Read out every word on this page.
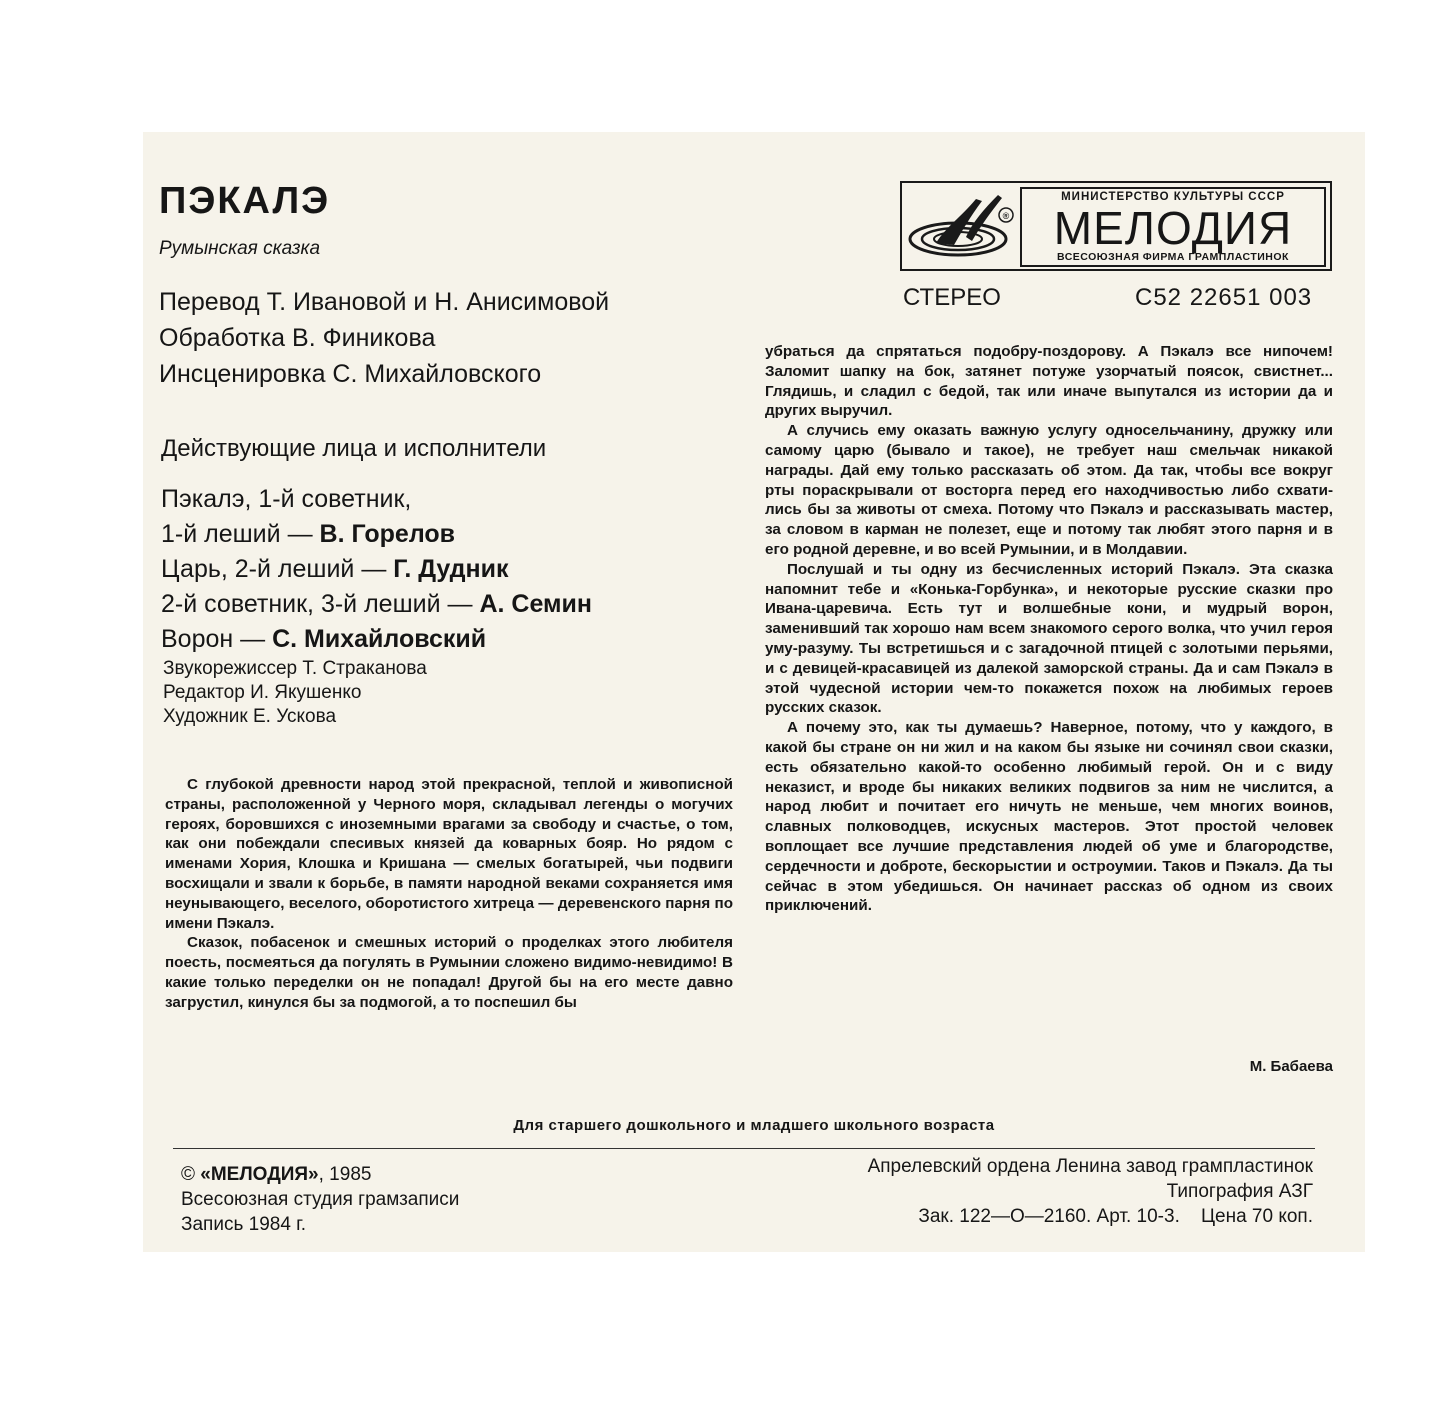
ПЭКАЛЭ
Румынская сказка
Перевод Т. Ивановой и Н. Анисимовой
Обработка В. Финикова
Инсценировка С. Михайловского
Действующие лица и исполнители
Пэкалэ, 1-й советник,
1-й леший — В. Горелов
Царь, 2-й леший — Г. Дудник
2-й советник, 3-й леший — А. Семин
Ворон — С. Михайловский
Звукорежиссер Т. Страканова
Редактор И. Якушенко
Художник Е. Ускова
®
МИНИСТЕРСТВО КУЛЬТУРЫ СССР
МЕЛОДИЯ
ВСЕСОЮЗНАЯ ФИРМА ГРАМПЛАСТИНОК
СТЕРЕО	С52 22651 003

С глубокой древности народ этой прекрасной, теплой и живописной страны, расположенной у Черного моря, складывал легенды о могучих героях, боровшихся с иноземными врагами за свободу и счастье, о том, как они побеждали спесивых князей да коварных бояр. Но рядом с именами Хория, Клошка и Кришана — смелых богатырей, чьи подвиги восхищали и звали к борьбе, в памяти народной веками сохраняется имя неунывающего, веселого, оборотистого хитреца — деревенского парня по имени Пэкалэ.

Сказок, побасенок и смешных историй о проделках этого любителя поесть, посмеяться да погулять в Румынии сложено видимо-невидимо! В какие только переделки он не попадал! Другой бы на его месте давно загрустил, кинулся бы за подмогой, а то поспешил бы

убраться да спрятаться подобру-поздорову. А Пэкалэ все нипочем! Заломит шапку на бок, затянет потуже узорчатый поясок, свистнет... Глядишь, и сладил с бедой, так или иначе выпутался из истории да и других выручил.

А случись ему оказать важную услугу односельчанину, дружку или самому царю (бывало и такое), не требует наш смельчак никакой награды. Дай ему только рассказать об этом. Да так, чтобы все вокруг рты пораскрывали от восторга перед его находчивостью либо схватились бы за животы от смеха. Потому что Пэкалэ и рассказывать мастер, за словом в карман не полезет, еще и потому так любят этого парня и в его родной деревне, и во всей Румынии, и в Молдавии.

Послушай и ты одну из бесчисленных историй Пэкалэ. Эта сказка напомнит тебе и «Конька-Горбунка», и некоторые русские сказки про Ивана-царевича. Есть тут и волшебные кони, и мудрый ворон, заменивший так хорошо нам всем знакомого серого волка, что учил героя уму-разуму. Ты встретишься и с загадочной птицей с золотыми перьями, и с девицей-красавицей из далекой заморской страны. Да и сам Пэкалэ в этой чудесной истории чем-то покажется похож на любимых героев русских сказок.

А почему это, как ты думаешь? Наверное, потому, что у каждого, в какой бы стране он ни жил и на каком бы языке ни сочинял свои сказки, есть обязательно какой-то особенно любимый герой. Он и с виду неказист, и вроде бы никаких великих подвигов за ним не числится, а народ любит и почитает его ничуть не меньше, чем многих воинов, славных полководцев, искусных мастеров. Этот простой человек воплощает все лучшие представления людей об уме и благородстве, сердечности и доброте, бескорыстии и остроумии. Таков и Пэкалэ. Да ты сейчас в этом убедишься. Он начинает рассказ об одном из своих приключений.

М. Бабаева
Для старшего дошкольного и младшего школьного возраста
© «МЕЛОДИЯ», 1985
Всесоюзная студия грамзаписи
Запись 1984 г.
Апрелевский ордена Ленина завод грампластинок
Типография АЗГ
Зак. 122—О—2160. Арт. 10-3.    Цена 70 коп.
